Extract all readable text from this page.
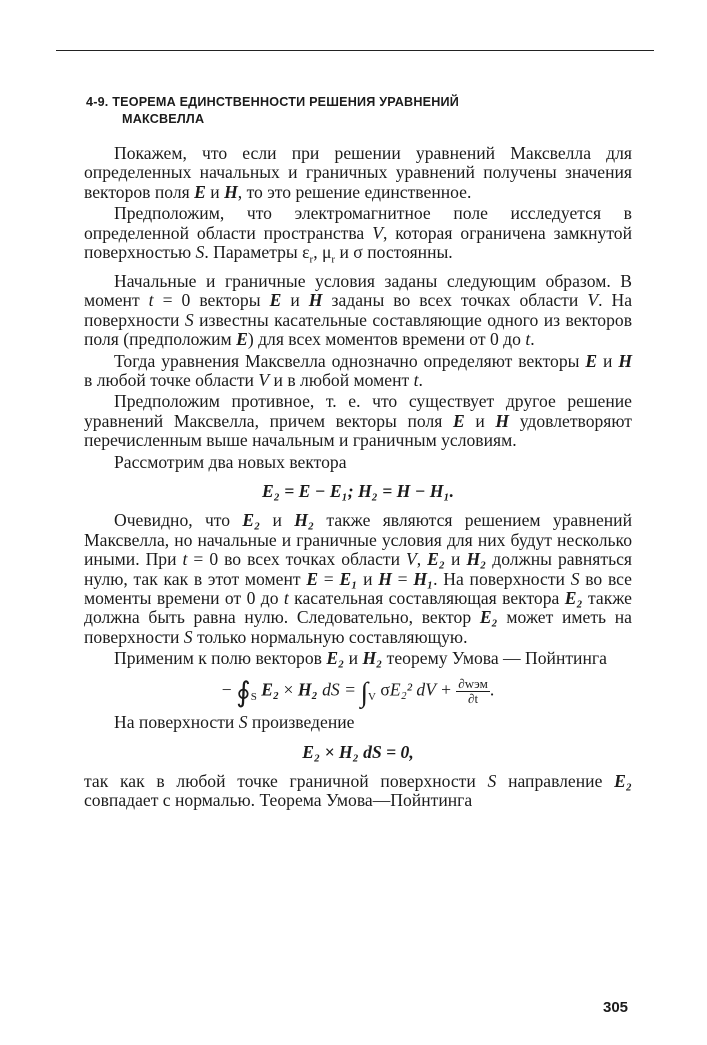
4-9. ТЕОРЕМА ЕДИНСТВЕННОСТИ РЕШЕНИЯ УРАВНЕНИЙ
МАКСВЕЛЛА

Покажем, что если при решении уравнений Максвелла для определенных начальных и граничных уравнений получены значения векторов поля E и H, то это решение единственное.

Предположим, что электромагнитное поле исследуется в определенной области пространства V, которая ограничена замкнутой поверхностью S. Параметры $\varepsilon_r$, $\mu_r$ и σ постоянны.

Начальные и граничные условия заданы следующим образом. В момент t = 0 векторы E и H заданы во всех точках области V. На поверхности S известны касательные составляющие одного из векторов поля (предположим E) для всех моментов времени от 0 до t.

Тогда уравнения Максвелла однозначно определяют векторы E и H в любой точке области V и в любой момент t.

Предположим противное, т. е. что существует другое решение уравнений Максвелла, причем векторы поля E и H удовлетворяют перечисленным выше начальным и граничным условиям.

Рассмотрим два новых вектора

E₂ = E − E₁; H₂ = H − H₁.

Очевидно, что E₂ и H₂ также являются решением уравнений Максвелла, но начальные и граничные условия для них будут несколько иными. При t = 0 во всех точках области V, E₂ и H₂ должны равняться нулю, так как в этот момент E = E₁ и H = H₁. На поверхности S во все моменты времени от 0 до t касательная составляющая вектора E₂ также должна быть равна нулю. Следовательно, вектор E₂ может иметь на поверхности S только нормальную составляющую.

Применим к полю векторов E₂ и H₂ теорему Умова — Пойнтинга

− $∮_S$ E₂ × H₂ dS = $\int_V$ σE₂² dV + $\frac{\text{∂wэм}}{\partial t}$ .

На поверхности S произведение

E₂ × H₂ dS = 0,

так как в любой точке граничной поверхности S направление E₂ совпадает с нормалью. Теорема Умова—Пойнтинга

305
